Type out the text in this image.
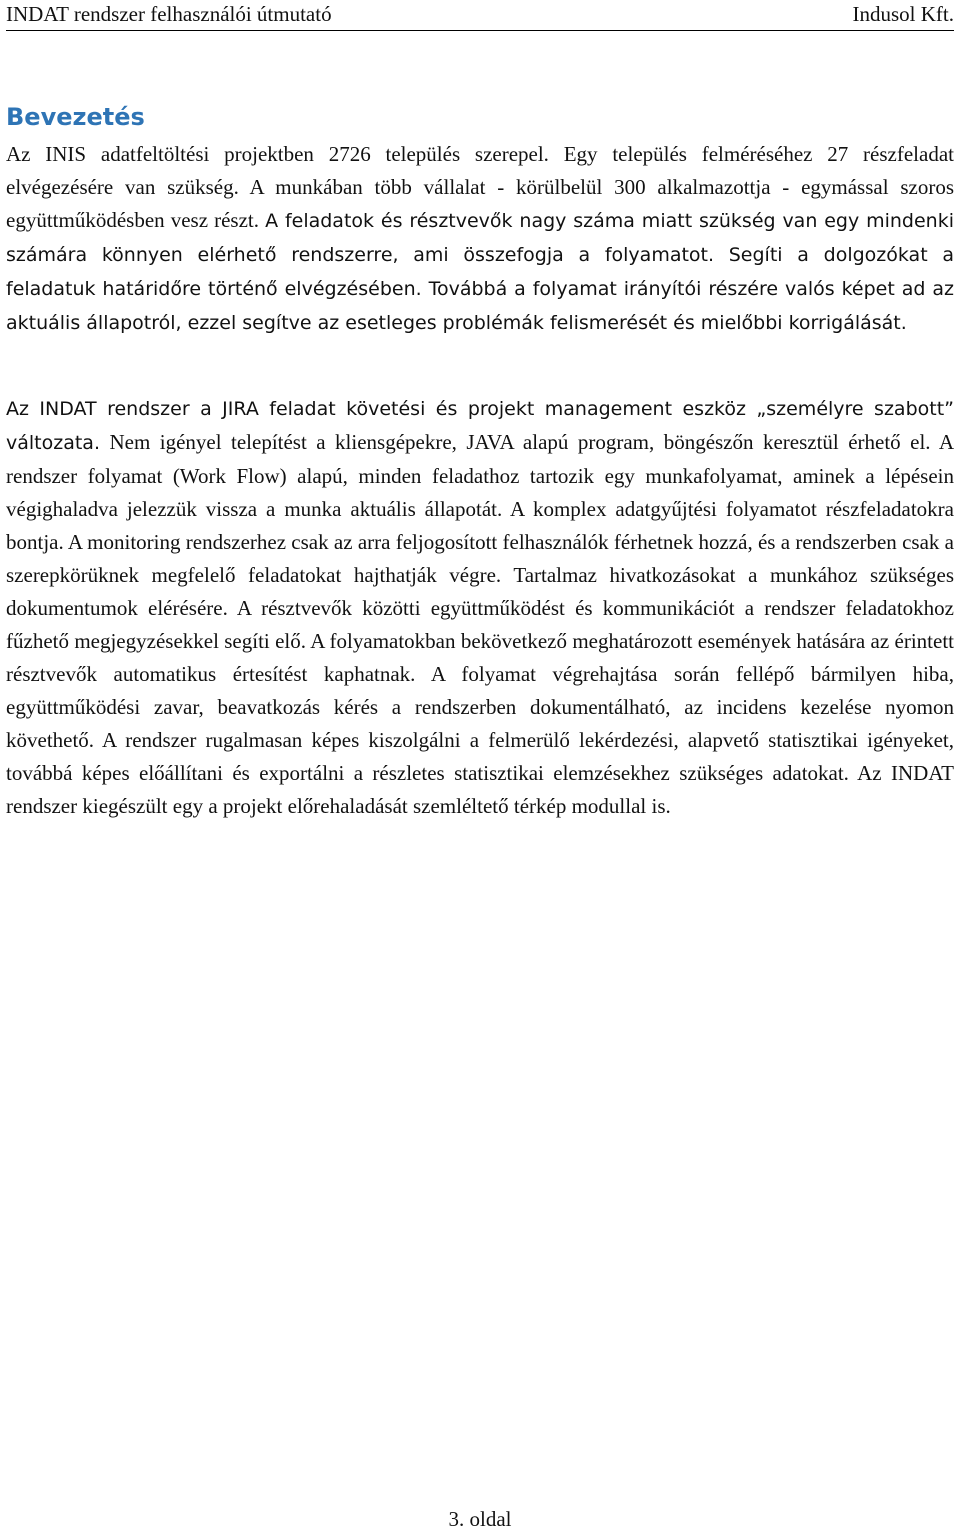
INDAT rendszer felhasználói útmutató	Indusol Kft.
Bevezetés

Az INIS adatfeltöltési projektben 2726 település szerepel. Egy település felméréséhez 27 részfeladat elvégezésére van szükség. A munkában több vállalat - körülbelül 300 alkalmazottja - egymással szoros együttműködésben vesz részt. A feladatok és résztvevők nagy száma miatt szükség van egy mindenki számára könnyen elérhető rendszerre, ami összefogja a folyamatot. Segíti a dolgozókat a feladatuk határidőre történő elvégzésében. Továbbá a folyamat irányítói részére valós képet ad az aktuális állapotról, ezzel segítve az esetleges problémák felismerését és mielőbbi korrigálását.

Az INDAT rendszer a JIRA feladat követési és projekt management eszköz „személyre szabott” változata. Nem igényel telepítést a kliensgépekre, JAVA alapú program, böngészőn keresztül érhető el. A rendszer folyamat (Work Flow) alapú, minden feladathoz tartozik egy munkafolyamat, aminek a lépésein végighaladva jelezzük vissza a munka aktuális állapotát. A komplex adatgyűjtési folyamatot részfeladatokra bontja. A monitoring rendszerhez csak az arra feljogosított felhasználók férhetnek hozzá, és a rendszerben csak a szerepkörüknek megfelelő feladatokat hajthatják végre. Tartalmaz hivatkozásokat a munkához szükséges dokumentumok elérésére. A résztvevők közötti együttműködést és kommunikációt a rendszer feladatokhoz fűzhető megjegyzésekkel segíti elő. A folyamatokban bekövetkező meghatározott események hatására az érintett résztvevők automatikus értesítést kaphatnak. A folyamat végrehajtása során fellépő bármilyen hiba, együttműködési zavar, beavatkozás kérés a rendszerben dokumentálható, az incidens kezelése nyomon követhető. A rendszer rugalmasan képes kiszolgálni a felmerülő lekérdezési, alapvető statisztikai igényeket, továbbá képes előállítani és exportálni a részletes statisztikai elemzésekhez szükséges adatokat. Az INDAT rendszer kiegészült egy a projekt előrehaladását szemléltető térkép modullal is.

3. oldal
